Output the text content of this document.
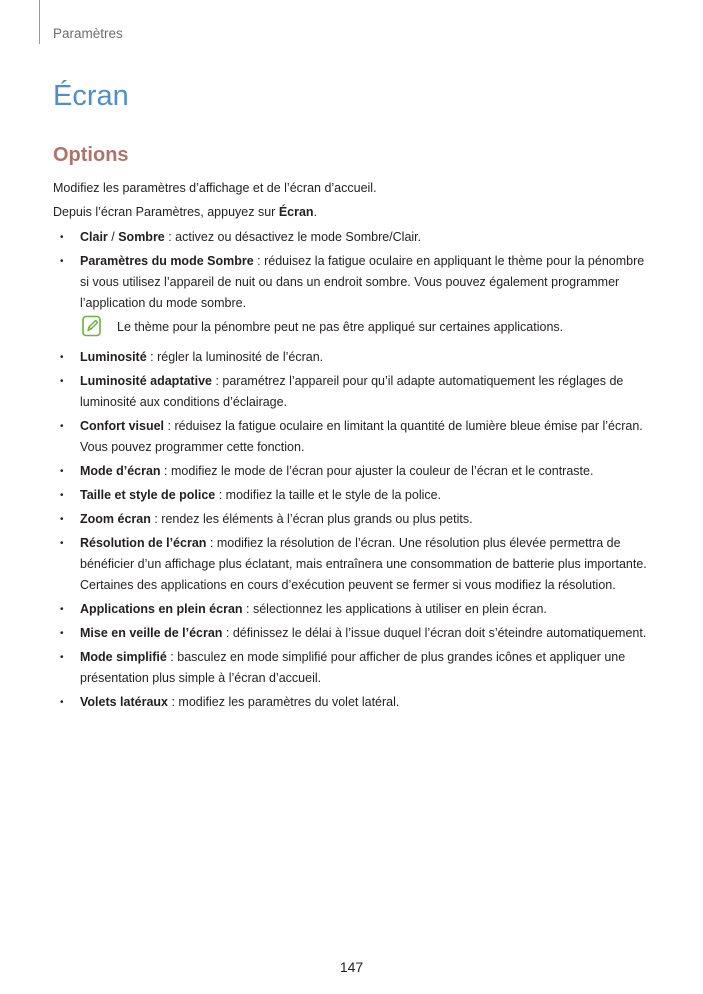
Paramètres
Écran
Options

Modifiez les paramètres d’affichage et de l’écran d’accueil.

Depuis l’écran Paramètres, appuyez sur Écran.

• Clair / Sombre : activez ou désactivez le mode Sombre/Clair.
• Paramètres du mode Sombre : réduisez la fatigue oculaire en appliquant le thème pour la pénombre si vous utilisez l’appareil de nuit ou dans un endroit sombre. Vous pouvez également programmer l’application du mode sombre.
Le thème pour la pénombre peut ne pas être appliqué sur certaines applications.
• Luminosité : régler la luminosité de l’écran.
• Luminosité adaptative : paramétrez l’appareil pour qu’il adapte automatiquement les réglages de luminosité aux conditions d’éclairage.
• Confort visuel : réduisez la fatigue oculaire en limitant la quantité de lumière bleue émise par l’écran. Vous pouvez programmer cette fonction.
• Mode d’écran : modifiez le mode de l’écran pour ajuster la couleur de l’écran et le contraste.
• Taille et style de police : modifiez la taille et le style de la police.
• Zoom écran : rendez les éléments à l’écran plus grands ou plus petits.
• Résolution de l’écran : modifiez la résolution de l’écran. Une résolution plus élevée permettra de bénéficier d’un affichage plus éclatant, mais entraînera une consommation de batterie plus importante. Certaines des applications en cours d’exécution peuvent se fermer si vous modifiez la résolution.
• Applications en plein écran : sélectionnez les applications à utiliser en plein écran.
• Mise en veille de l’écran : définissez le délai à l’issue duquel l’écran doit s’éteindre automatiquement.
• Mode simplifié : basculez en mode simplifié pour afficher de plus grandes icônes et appliquer une présentation plus simple à l’écran d’accueil.
• Volets latéraux : modifiez les paramètres du volet latéral.
147
